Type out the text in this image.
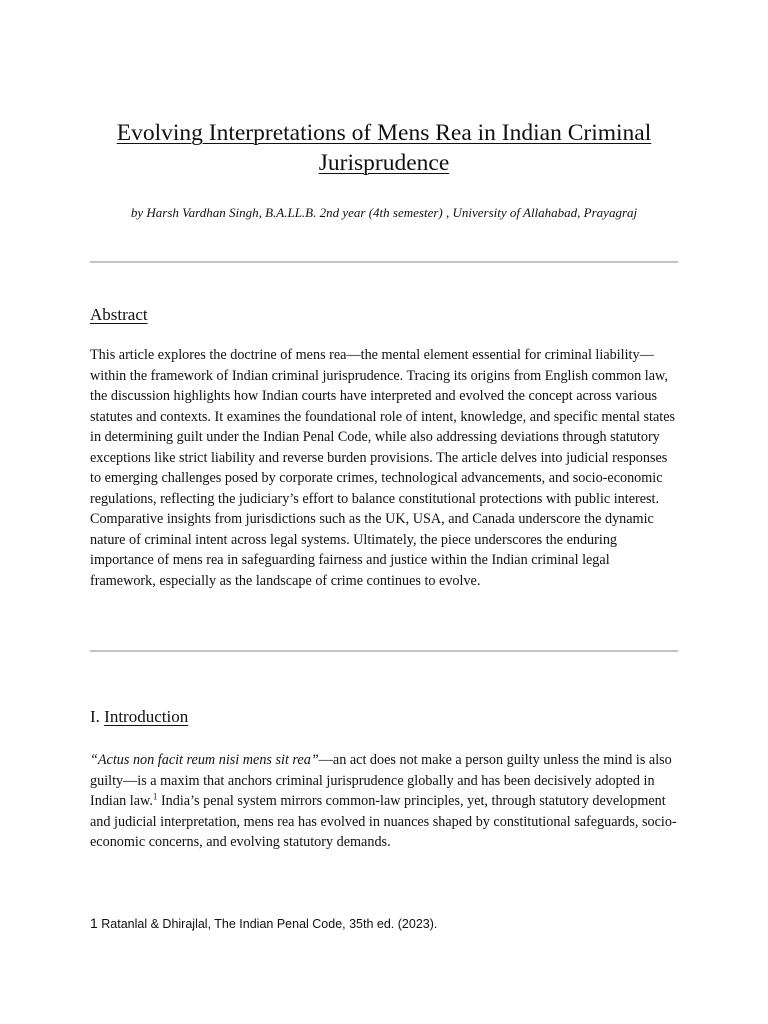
Evolving Interpretations of Mens Rea in Indian Criminal Jurisprudence

by Harsh Vardhan Singh, B.A.LL.B. 2nd year (4th semester) , University of Allahabad, Prayagraj

Abstract

This article explores the doctrine of mens rea—the mental element essential for criminal liability—within the framework of Indian criminal jurisprudence. Tracing its origins from English common law, the discussion highlights how Indian courts have interpreted and evolved the concept across various statutes and contexts. It examines the foundational role of intent, knowledge, and specific mental states in determining guilt under the Indian Penal Code, while also addressing deviations through statutory exceptions like strict liability and reverse burden provisions. The article delves into judicial responses to emerging challenges posed by corporate crimes, technological advancements, and socio-economic regulations, reflecting the judiciary’s effort to balance constitutional protections with public interest. Comparative insights from jurisdictions such as the UK, USA, and Canada underscore the dynamic nature of criminal intent across legal systems. Ultimately, the piece underscores the enduring importance of mens rea in safeguarding fairness and justice within the Indian criminal legal framework, especially as the landscape of crime continues to evolve.

I. Introduction

“Actus non facit reum nisi mens sit rea”—an act does not make a person guilty unless the mind is also guilty—is a maxim that anchors criminal jurisprudence globally and has been decisively adopted in Indian law.$^1$ India’s penal system mirrors common-law principles, yet, through statutory development and judicial interpretation, mens rea has evolved in nuances shaped by constitutional safeguards, socio-economic concerns, and evolving statutory demands.

1 Ratanlal & Dhirajlal, The Indian Penal Code, 35th ed. (2023).
